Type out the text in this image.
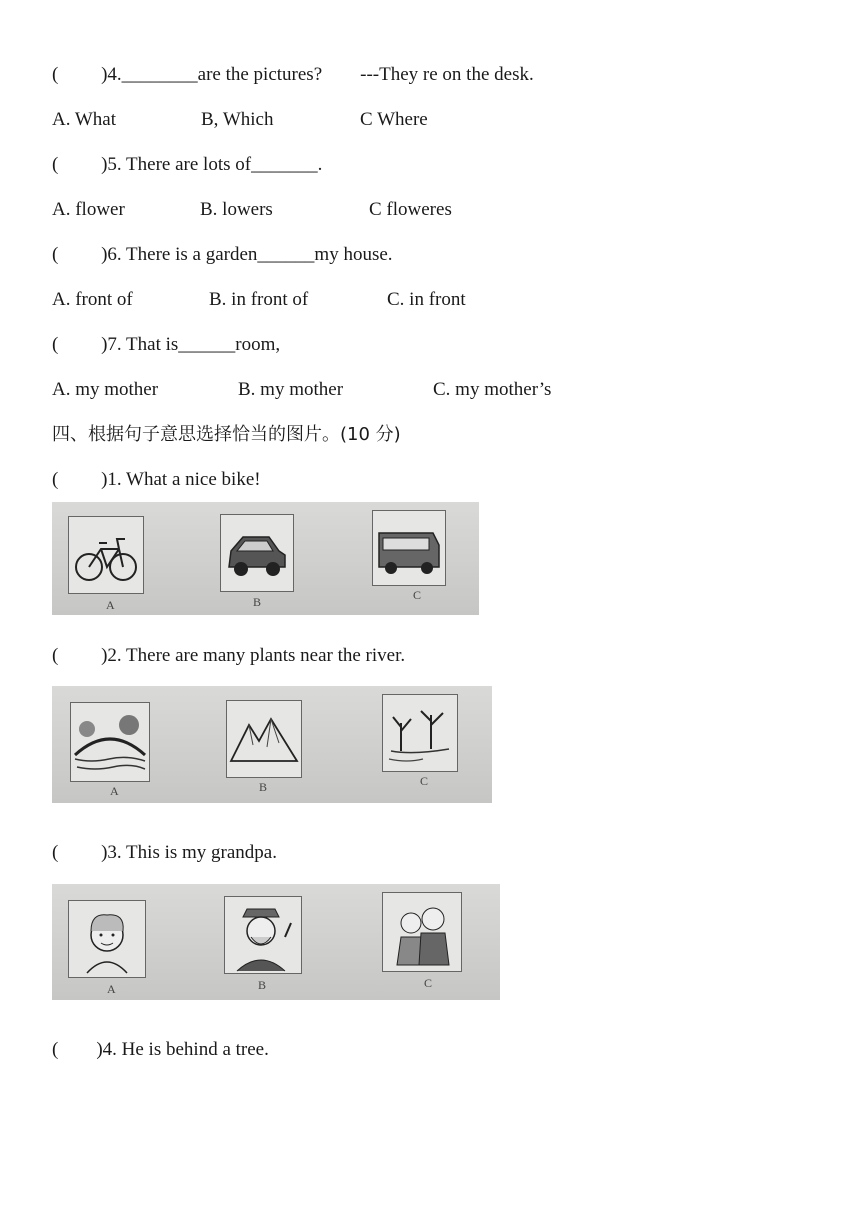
(         )4.________are the pictures?        ---They re on the desk.
A. What	B, Which	C Where
(         )5. There are lots of_______.
A. flower	B. lowers	C floweres
(         )6. There is a garden______my house.
A. front of	B. in front of	C. in front
(         )7. That is______room,
A. my mother	B. my mother	C. my mother’s
四、根据句子意思选择恰当的图片。(10 分)
(         )1. What a nice bike!
A	B	C
(         )2. There are many plants near the river.
A	B	C
(         )3. This is my grandpa.
A	B	C
(        )4. He is behind a tree.
